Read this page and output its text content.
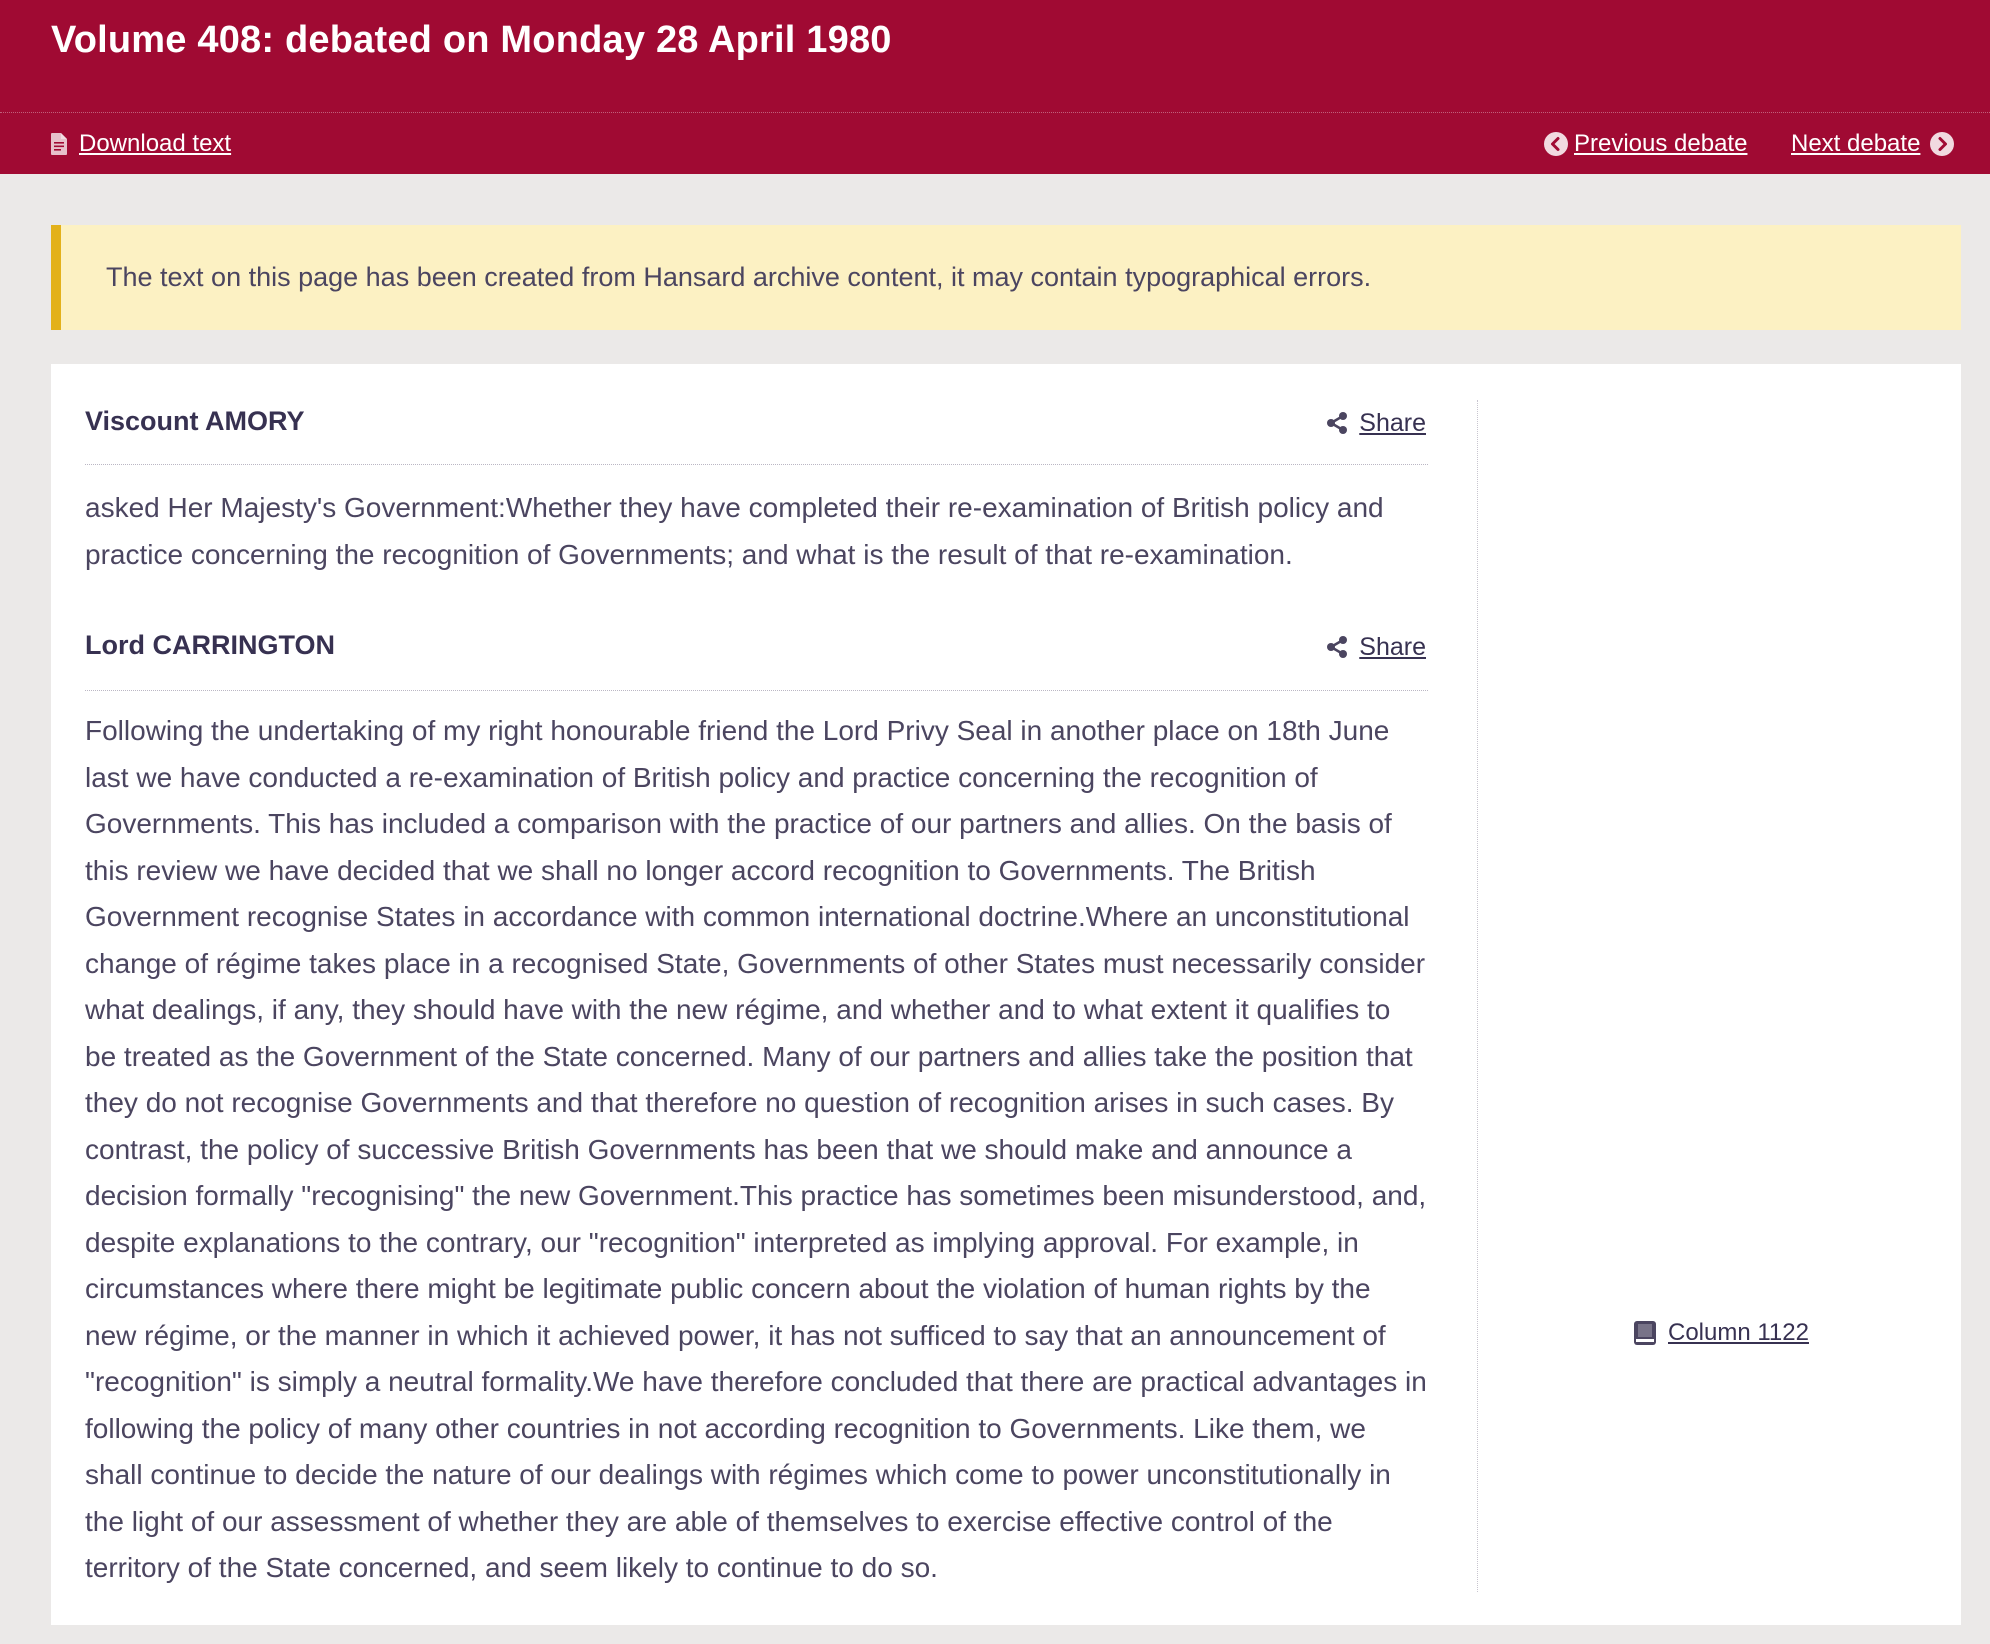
Volume 408: debated on Monday 28 April 1980
Download text	Previous debate Next debate
The text on this page has been created from Hansard archive content, it may contain typographical errors.
Viscount AMORY	Share

asked Her Majesty's Government:Whether they have completed their re-examination of British policy and practice concerning the recognition of Governments; and what is the result of that re-examination.

Lord CARRINGTON	Share

Following the undertaking of my right honourable friend the Lord Privy Seal in another place on 18th June last we have conducted a re-examination of British policy and practice concerning the recognition of Governments. This has included a comparison with the practice of our partners and allies. On the basis of this review we have decided that we shall no longer accord recognition to Governments. The British Government recognise States in accordance with common international doctrine.Where an unconstitutional change of régime takes place in a recognised State, Governments of other States must necessarily consider what dealings, if any, they should have with the new régime, and whether and to what extent it qualifies to be treated as the Government of the State concerned. Many of our partners and allies take the position that they do not recognise Governments and that therefore no question of recognition arises in such cases. By contrast, the policy of successive British Governments has been that we should make and announce a decision formally "recognising" the new Government.This practice has sometimes been misunderstood, and, despite explanations to the contrary, our "recognition" interpreted as implying approval. For example, in circumstances where there might be legitimate public concern about the violation of human rights by the new régime, or the manner in which it achieved power, it has not sufficed to say that an announcement of "recognition" is simply a neutral formality.We have therefore concluded that there are practical advantages in following the policy of many other countries in not according recognition to Governments. Like them, we shall continue to decide the nature of our dealings with régimes which come to power unconstitutionally in the light of our assessment of whether they are able of themselves to exercise effective control of the territory of the State concerned, and seem likely to continue to do so.

Column 1122
